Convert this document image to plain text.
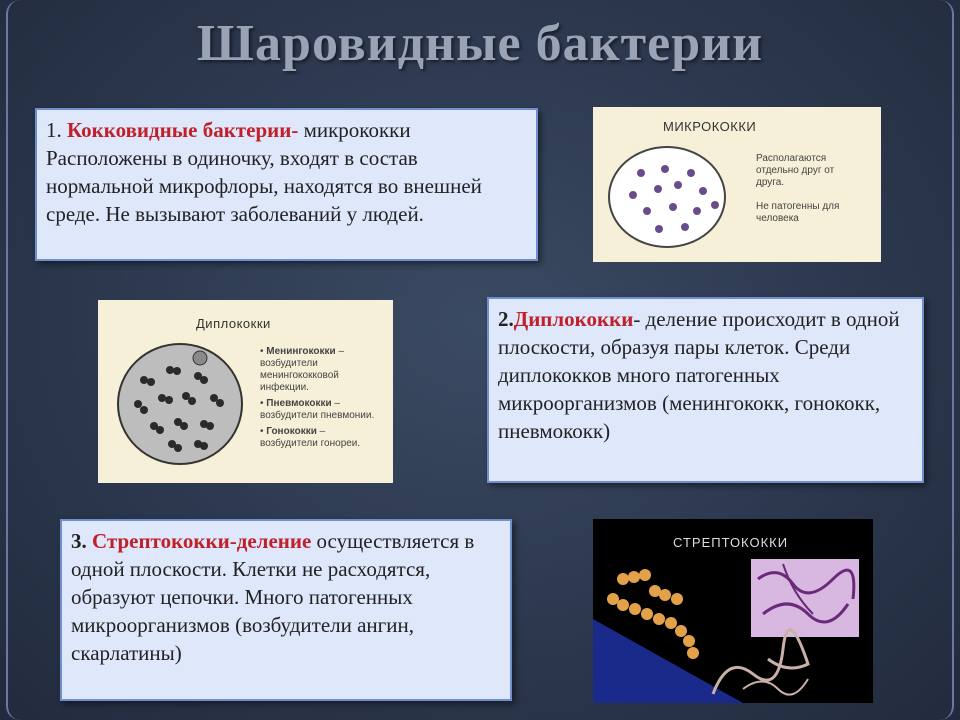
Шаровидные бактерии
1. Кокковидные бактерии- микрококки Расположены в одиночку, входят в состав нормальной микрофлоры, находятся во внешней среде. Не вызывают заболеваний у людей.
МИКРОКОККИ
Располагаются отдельно друг от друга.
Не патогенны для человека
Диплококки
• Менингококки – возбудители менингококковой инфекции.
• Пневмококки – возбудители пневмонии.
• Гонококки – возбудители гонореи.
2.Диплококки- деление происходит в одной плоскости, образуя пары клеток. Среди диплококков много патогенных микроорганизмов (менингококк, гонококк, пневмококк)
3. Стрептококки-деление осуществляется в одной плоскости. Клетки не расходятся, образуют цепочки. Много патогенных микроорганизмов (возбудители ангин, скарлатины)
СТРЕПТОКОККИ
